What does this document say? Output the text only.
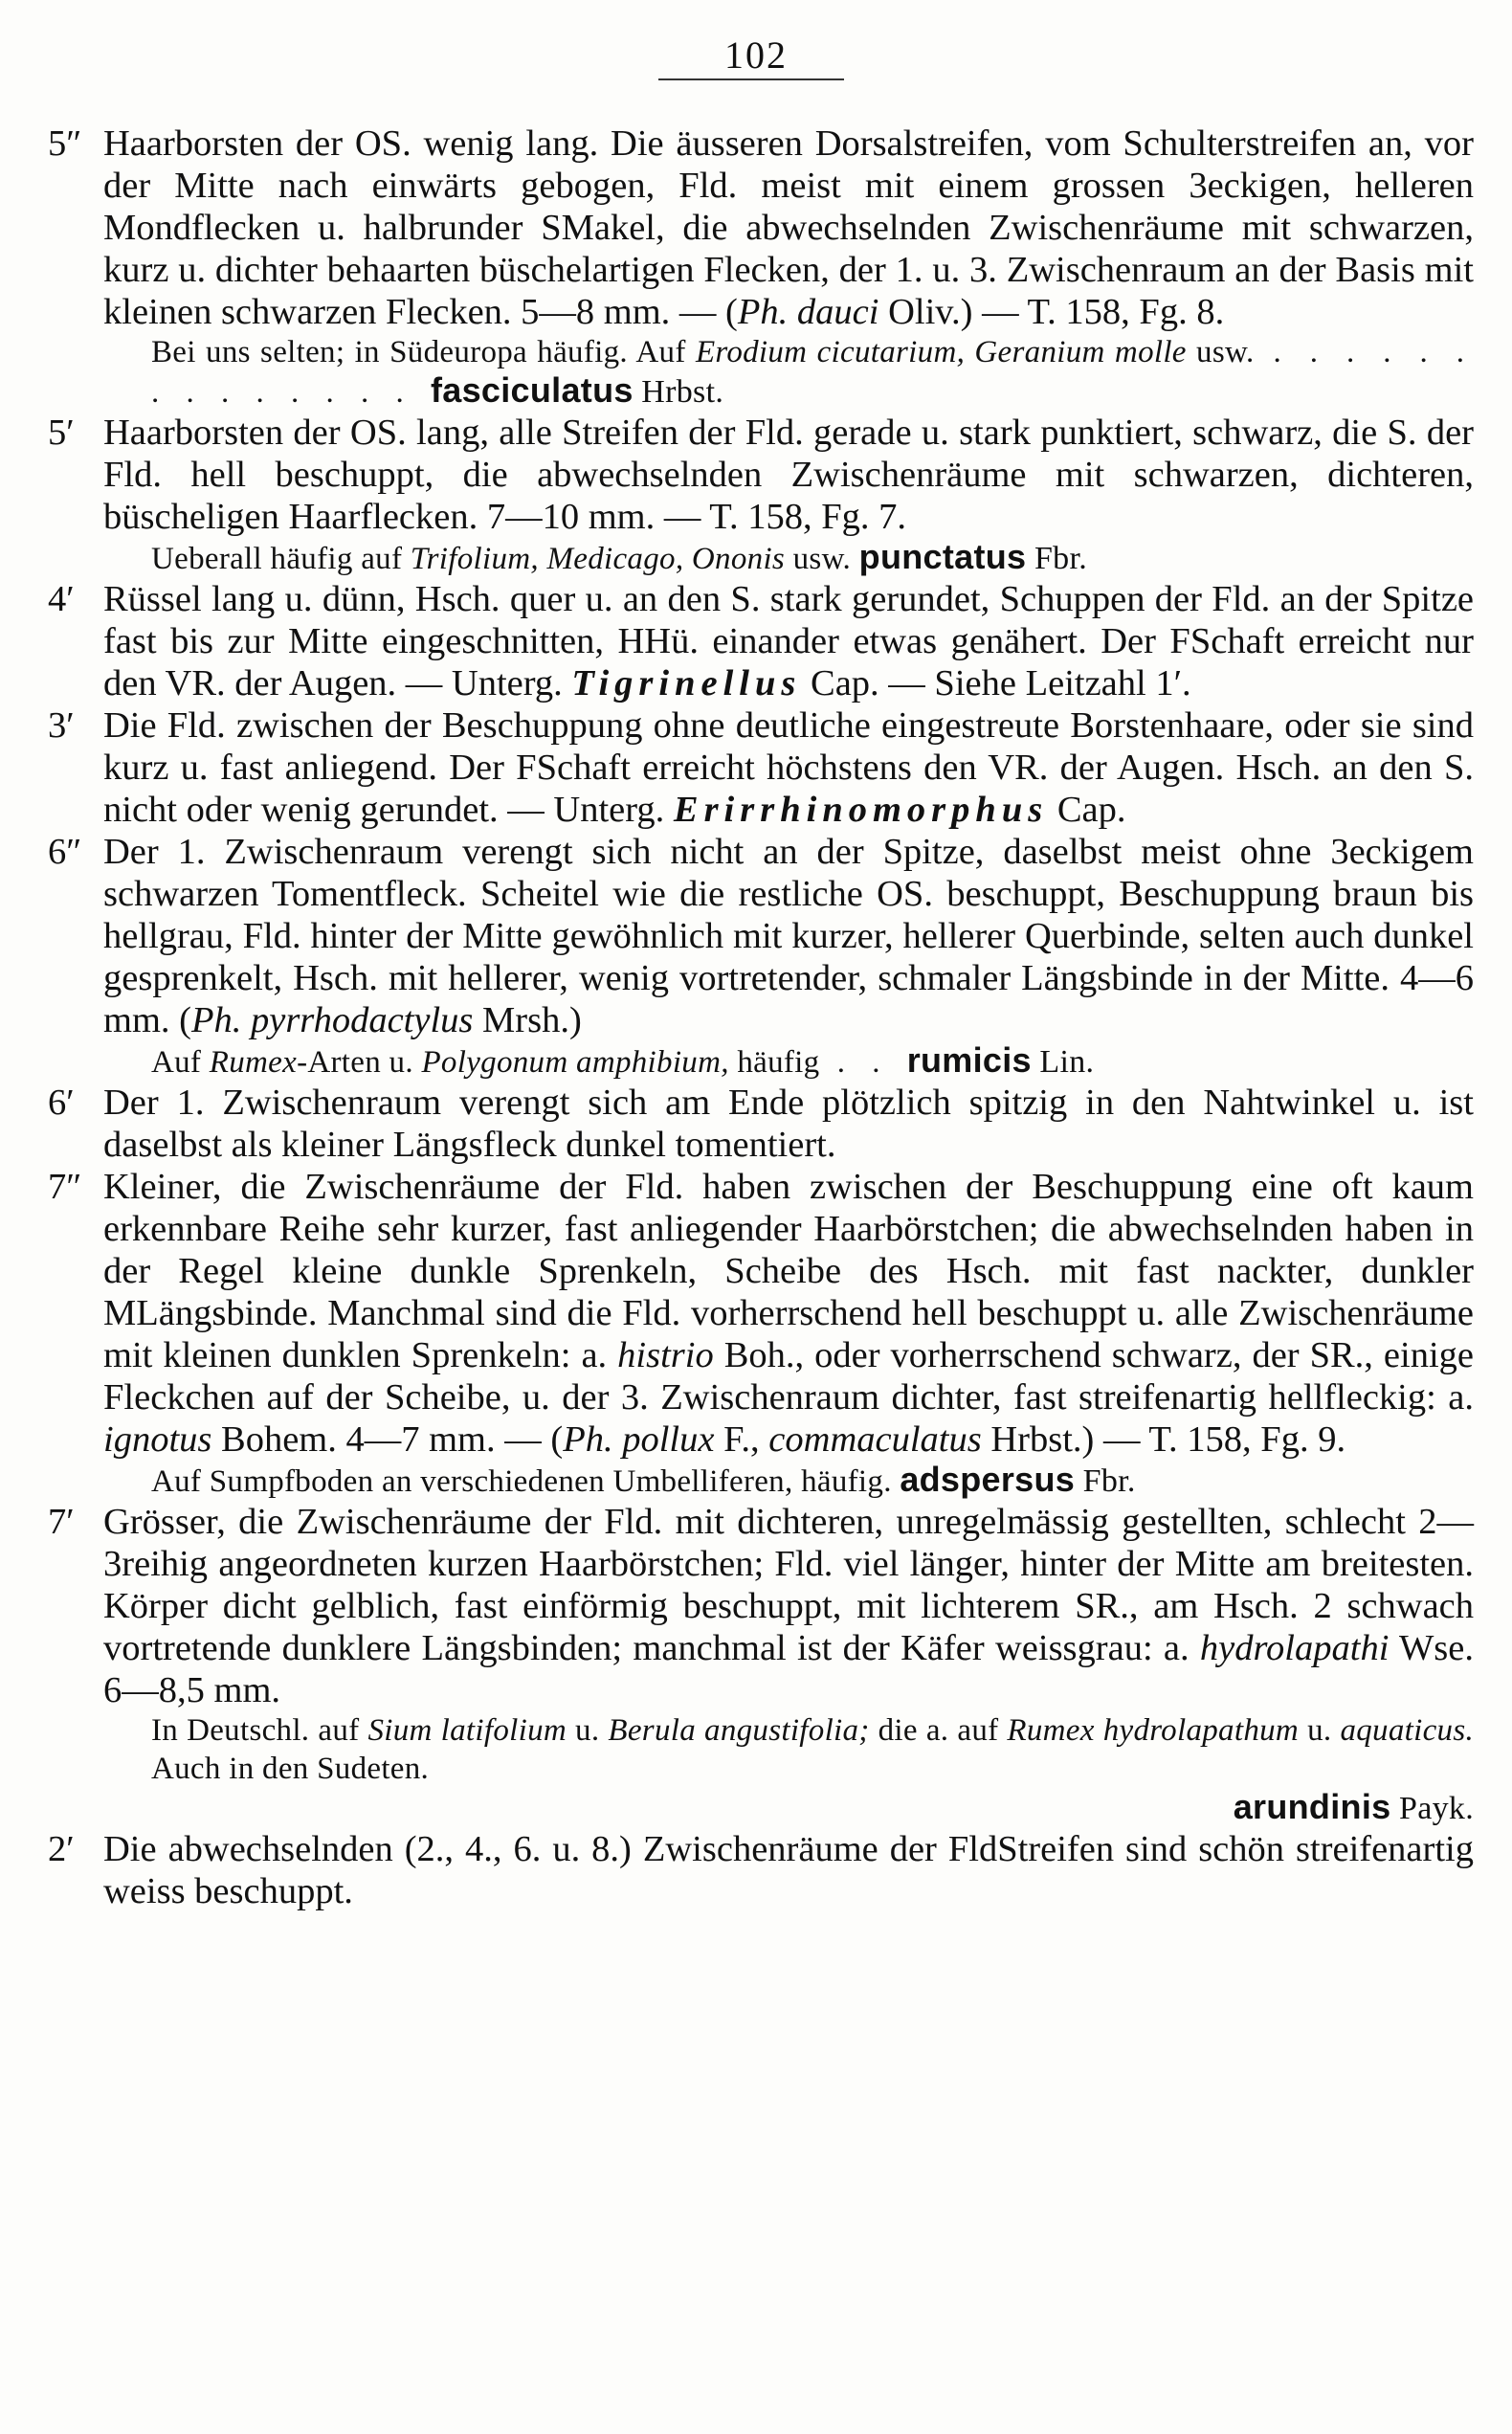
102
5″ Haarborsten der OS. wenig lang. Die äusseren Dorsalstreifen, vom Schulterstreifen an, vor der Mitte nach einwärts gebogen, Fld. meist mit einem grossen 3eckigen, helleren Mondflecken u. halbrunder SMakel, die abwechselnden Zwischenräume mit schwarzen, kurz u. dichter behaarten büschelartigen Flecken, der 1. u. 3. Zwischenraum an der Basis mit kleinen schwarzen Flecken. 5—8 mm. — (Ph. dauci Oliv.) — T. 158, Fg. 8.
Bei uns selten; in Südeuropa häufig. Auf Erodium cicutarium, Geranium molle usw. . . . . . . . . . . . . . . fasciculatus Hrbst.
5′ Haarborsten der OS. lang, alle Streifen der Fld. gerade u. stark punktiert, schwarz, die S. der Fld. hell beschuppt, die abwechselnden Zwischenräume mit schwarzen, dichteren, büscheligen Haarflecken. 7—10 mm. — T. 158, Fg. 7.
Ueberall häufig auf Trifolium, Medicago, Ononis usw. punctatus Fbr.
4′ Rüssel lang u. dünn, Hsch. quer u. an den S. stark gerundet, Schuppen der Fld. an der Spitze fast bis zur Mitte eingeschnitten, HHü. einander etwas genähert. Der FSchaft erreicht nur den VR. der Augen. — Unterg. Tigrinellus Cap. — Siehe Leitzahl 1′.
3′ Die Fld. zwischen der Beschuppung ohne deutliche eingestreute Borstenhaare, oder sie sind kurz u. fast anliegend. Der FSchaft erreicht höchstens den VR. der Augen. Hsch. an den S. nicht oder wenig gerundet. — Unterg. Erirrhinomorphus Cap.
6″ Der 1. Zwischenraum verengt sich nicht an der Spitze, daselbst meist ohne 3eckigem schwarzen Tomentfleck. Scheitel wie die restliche OS. beschuppt, Beschuppung braun bis hellgrau, Fld. hinter der Mitte gewöhnlich mit kurzer, hellerer Querbinde, selten auch dunkel gesprenkelt, Hsch. mit hellerer, wenig vortretender, schmaler Längsbinde in der Mitte. 4—6 mm. (Ph. pyrrhodactylus Mrsh.)
Auf Rumex-Arten u. Polygonum amphibium, häufig . . rumicis Lin.
6′ Der 1. Zwischenraum verengt sich am Ende plötzlich spitzig in den Nahtwinkel u. ist daselbst als kleiner Längsfleck dunkel tomentiert.
7″ Kleiner, die Zwischenräume der Fld. haben zwischen der Beschuppung eine oft kaum erkennbare Reihe sehr kurzer, fast anliegender Haarbörstchen; die abwechselnden haben in der Regel kleine dunkle Sprenkeln, Scheibe des Hsch. mit fast nackter, dunkler MLängsbinde. Manchmal sind die Fld. vorherrschend hell beschuppt u. alle Zwischenräume mit kleinen dunklen Sprenkeln: a. histrio Boh., oder vorherrschend schwarz, der SR., einige Fleckchen auf der Scheibe, u. der 3. Zwischenraum dichter, fast streifenartig hellfleckig: a. ignotus Bohem. 4—7 mm. — (Ph. pollux F., commaculatus Hrbst.) — T. 158, Fg. 9.
Auf Sumpfboden an verschiedenen Umbelliferen, häufig. adspersus Fbr.
7′ Grösser, die Zwischenräume der Fld. mit dichteren, unregelmässig gestellten, schlecht 2—3reihig angeordneten kurzen Haarbörstchen; Fld. viel länger, hinter der Mitte am breitesten. Körper dicht gelblich, fast einförmig beschuppt, mit lichterem SR., am Hsch. 2 schwach vortretende dunklere Längsbinden; manchmal ist der Käfer weissgrau: a. hydrolapathi Wse. 6—8,5 mm.
In Deutschl. auf Sium latifolium u. Berula angustifolia; die a. auf Rumex hydrolapathum u. aquaticus. Auch in den Sudeten.
arundinis Payk.
2′ Die abwechselnden (2., 4., 6. u. 8.) Zwischenräume der FldStreifen sind schön streifenartig weiss beschuppt.
